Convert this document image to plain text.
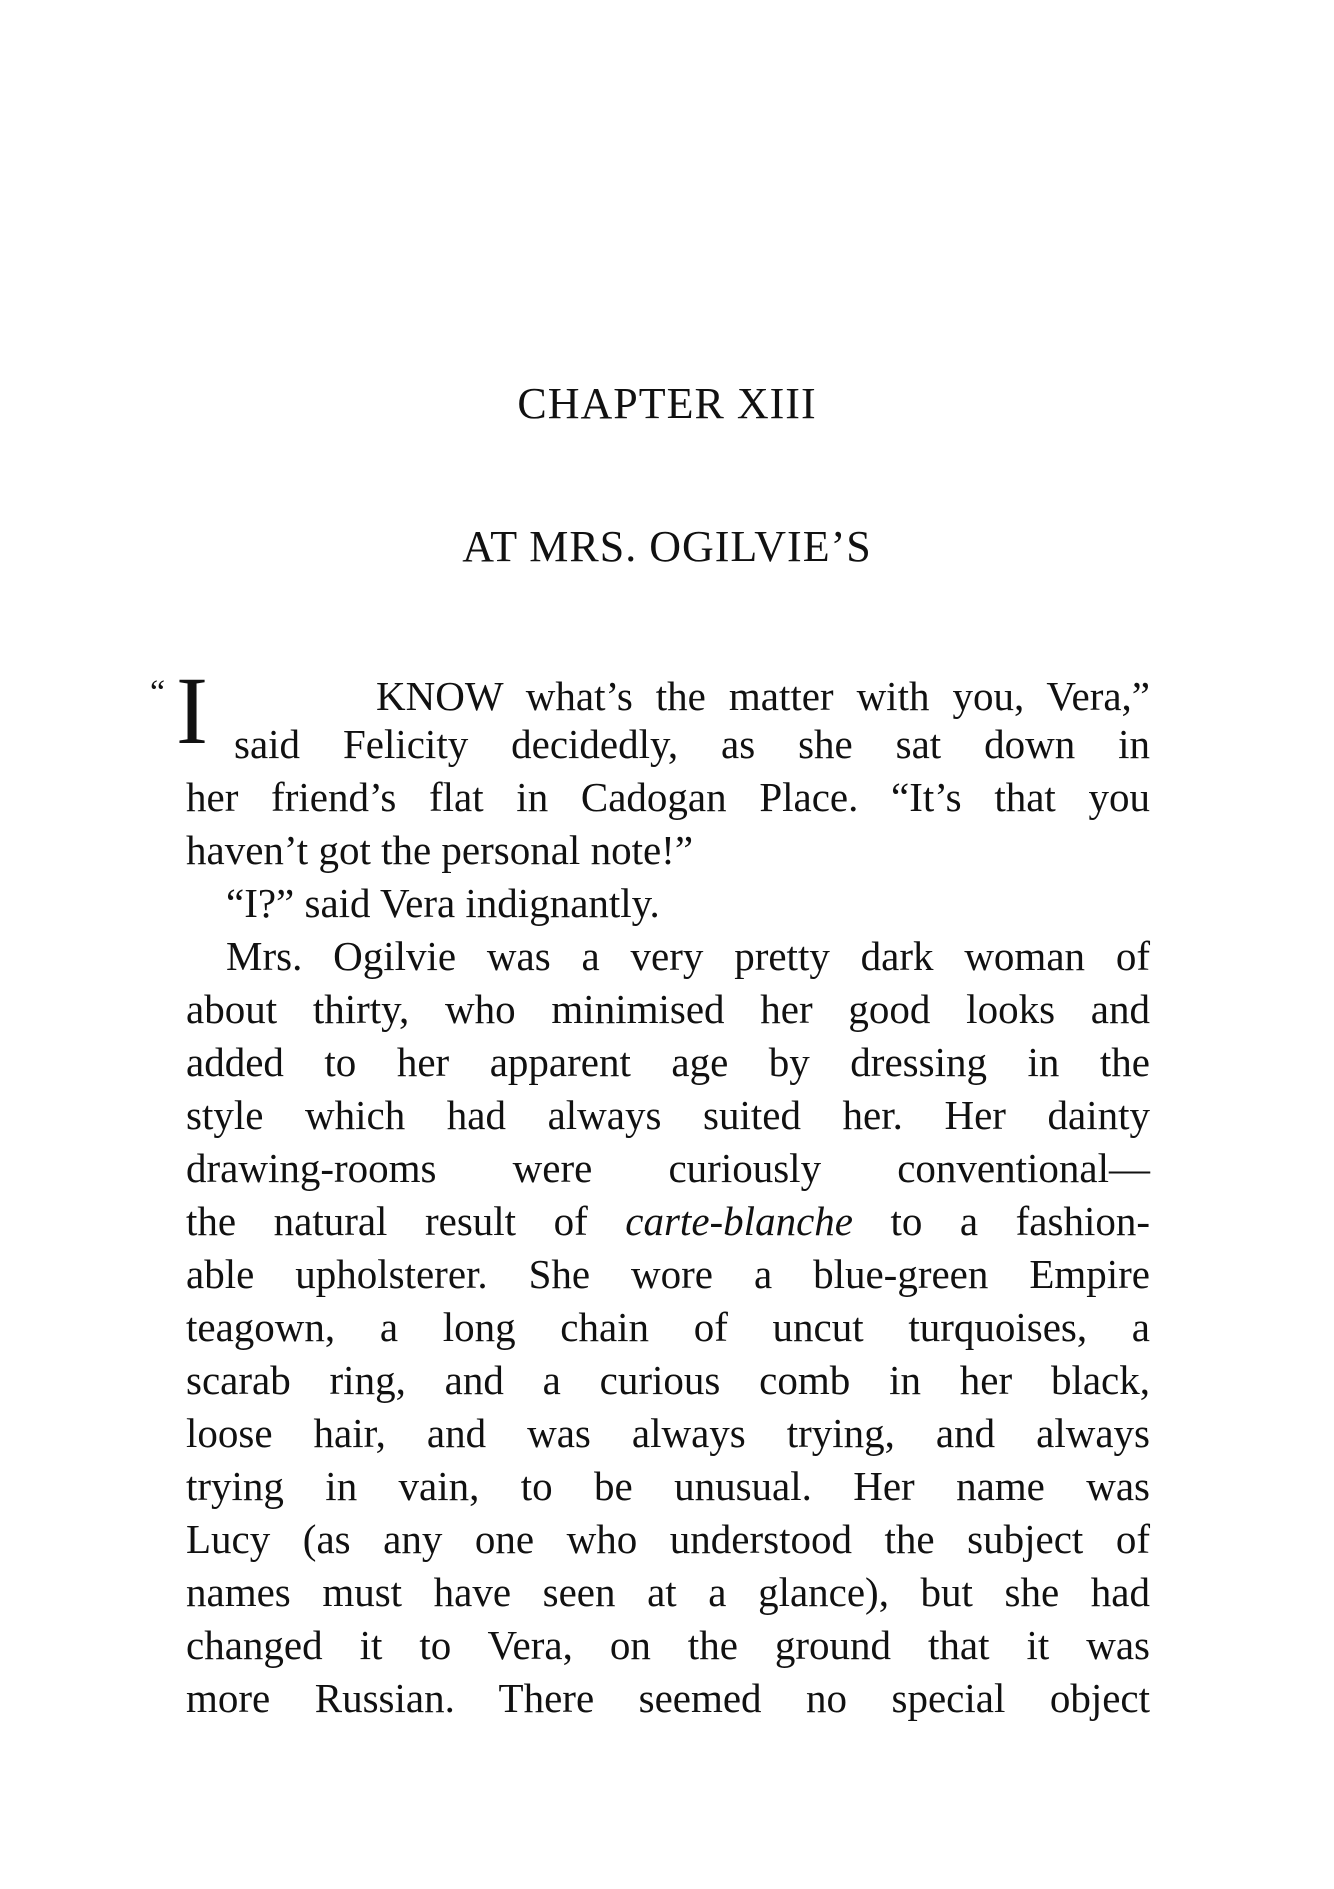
CHAPTER XIII
AT MRS. OGILVIE’S
“ I	KNOW what’s the matter with you, Vera,”
said Felicity decidedly, as she sat down in
her friend’s flat in Cadogan Place. “It’s that you
haven’t got the personal note!”
“I?” said Vera indignantly.
Mrs. Ogilvie was a very pretty dark woman of
about thirty, who minimised her good looks and
added to her apparent age by dressing in the
style which had always suited her. Her dainty
drawing-rooms were curiously conventional—
the natural result of carte-blanche to a fashion-
able upholsterer. She wore a blue-green Empire
teagown, a long chain of uncut turquoises, a
scarab ring, and a curious comb in her black,
loose hair, and was always trying, and always
trying in vain, to be unusual. Her name was
Lucy (as any one who understood the subject of
names must have seen at a glance), but she had
changed it to Vera, on the ground that it was
more Russian. There seemed no special object
